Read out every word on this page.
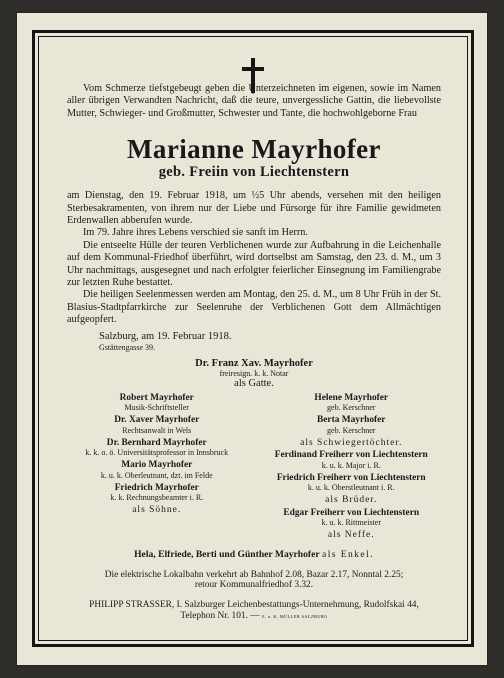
Vom Schmerze tiefstgebeugt geben die Unterzeichneten im eigenen, sowie im Namen aller übrigen Verwandten Nachricht, daß die teure, unvergessliche Gattin, die liebevollste Mutter, Schwieger- und Großmutter, Schwester und Tante, die hochwohlgeborne Frau

Marianne Mayrhofer
geb. Freiin von Liechtenstern

am Dienstag, den 19. Februar 1918, um ½5 Uhr abends, versehen mit den heiligen Sterbesakramenten, von ihrem nur der Liebe und Fürsorge für ihre Familie gewidmeten Erdenwallen abberufen wurde.

Im 79. Jahre ihres Lebens verschied sie sanft im Herrn.

Die entseelte Hülle der teuren Verblichenen wurde zur Aufbahrung in die Leichenhalle auf dem Kommunal-Friedhof überführt, wird dortselbst am Samstag, den 23. d. M., um 3 Uhr nachmittags, ausgesegnet und nach erfolgter feierlicher Einsegnung im Familiengrabe zur letzten Ruhe bestattet.

Die heiligen Seelenmessen werden am Montag, den 25. d. M., um 8 Uhr Früh in der St. Blasius-Stadtpfarrkirche zur Seelenruhe der Verblichenen Gott dem Allmächtigen aufgeopfert.

Salzburg, am 19. Februar 1918.
Gstättengasse 39.
Dr. Franz Xav. Mayrhofer
freiresign. k. k. Notar
als Gatte.
Robert Mayrhofer
Musik-Schriftsteller
Dr. Xaver Mayrhofer
Rechtsanwalt in Wels
Dr. Bernhard Mayrhofer
k. k. o. ö. Universitätsprofessor in Innsbruck
Mario Mayrhofer
k. u. k. Oberleutnant, dzt. im Felde
Friedrich Mayrhofer
k. k. Rechnungsbeamter i. R.
als Söhne.
Helene Mayrhofer
geb. Kerschner
Berta Mayrhofer
geb. Kerschner
als Schwiegertöchter.
Ferdinand Freiherr von Liechtenstern
k. u. k. Major i. R.
Friedrich Freiherr von Liechtenstern
k. u. k. Oberstleutnant i. R.
als Brüder.
Edgar Freiherr von Liechtenstern
k. u. k. Rittmeister
als Neffe.
Hela, Elfriede, Berti und Günther Mayrhofer als Enkel.
Die elektrische Lokalbahn verkehrt ab Bahnhof 2.08, Bazar 2.17, Nonntal 2.25;
retour Kommunalfriedhof 3.32.
PHILIPP STRASSER, I. Salzburger Leichenbestattungs-Unternehmung, Rudolfskai 44,
Telephon Nr. 101. — E. u. K. MÜLLER SALZBURG
